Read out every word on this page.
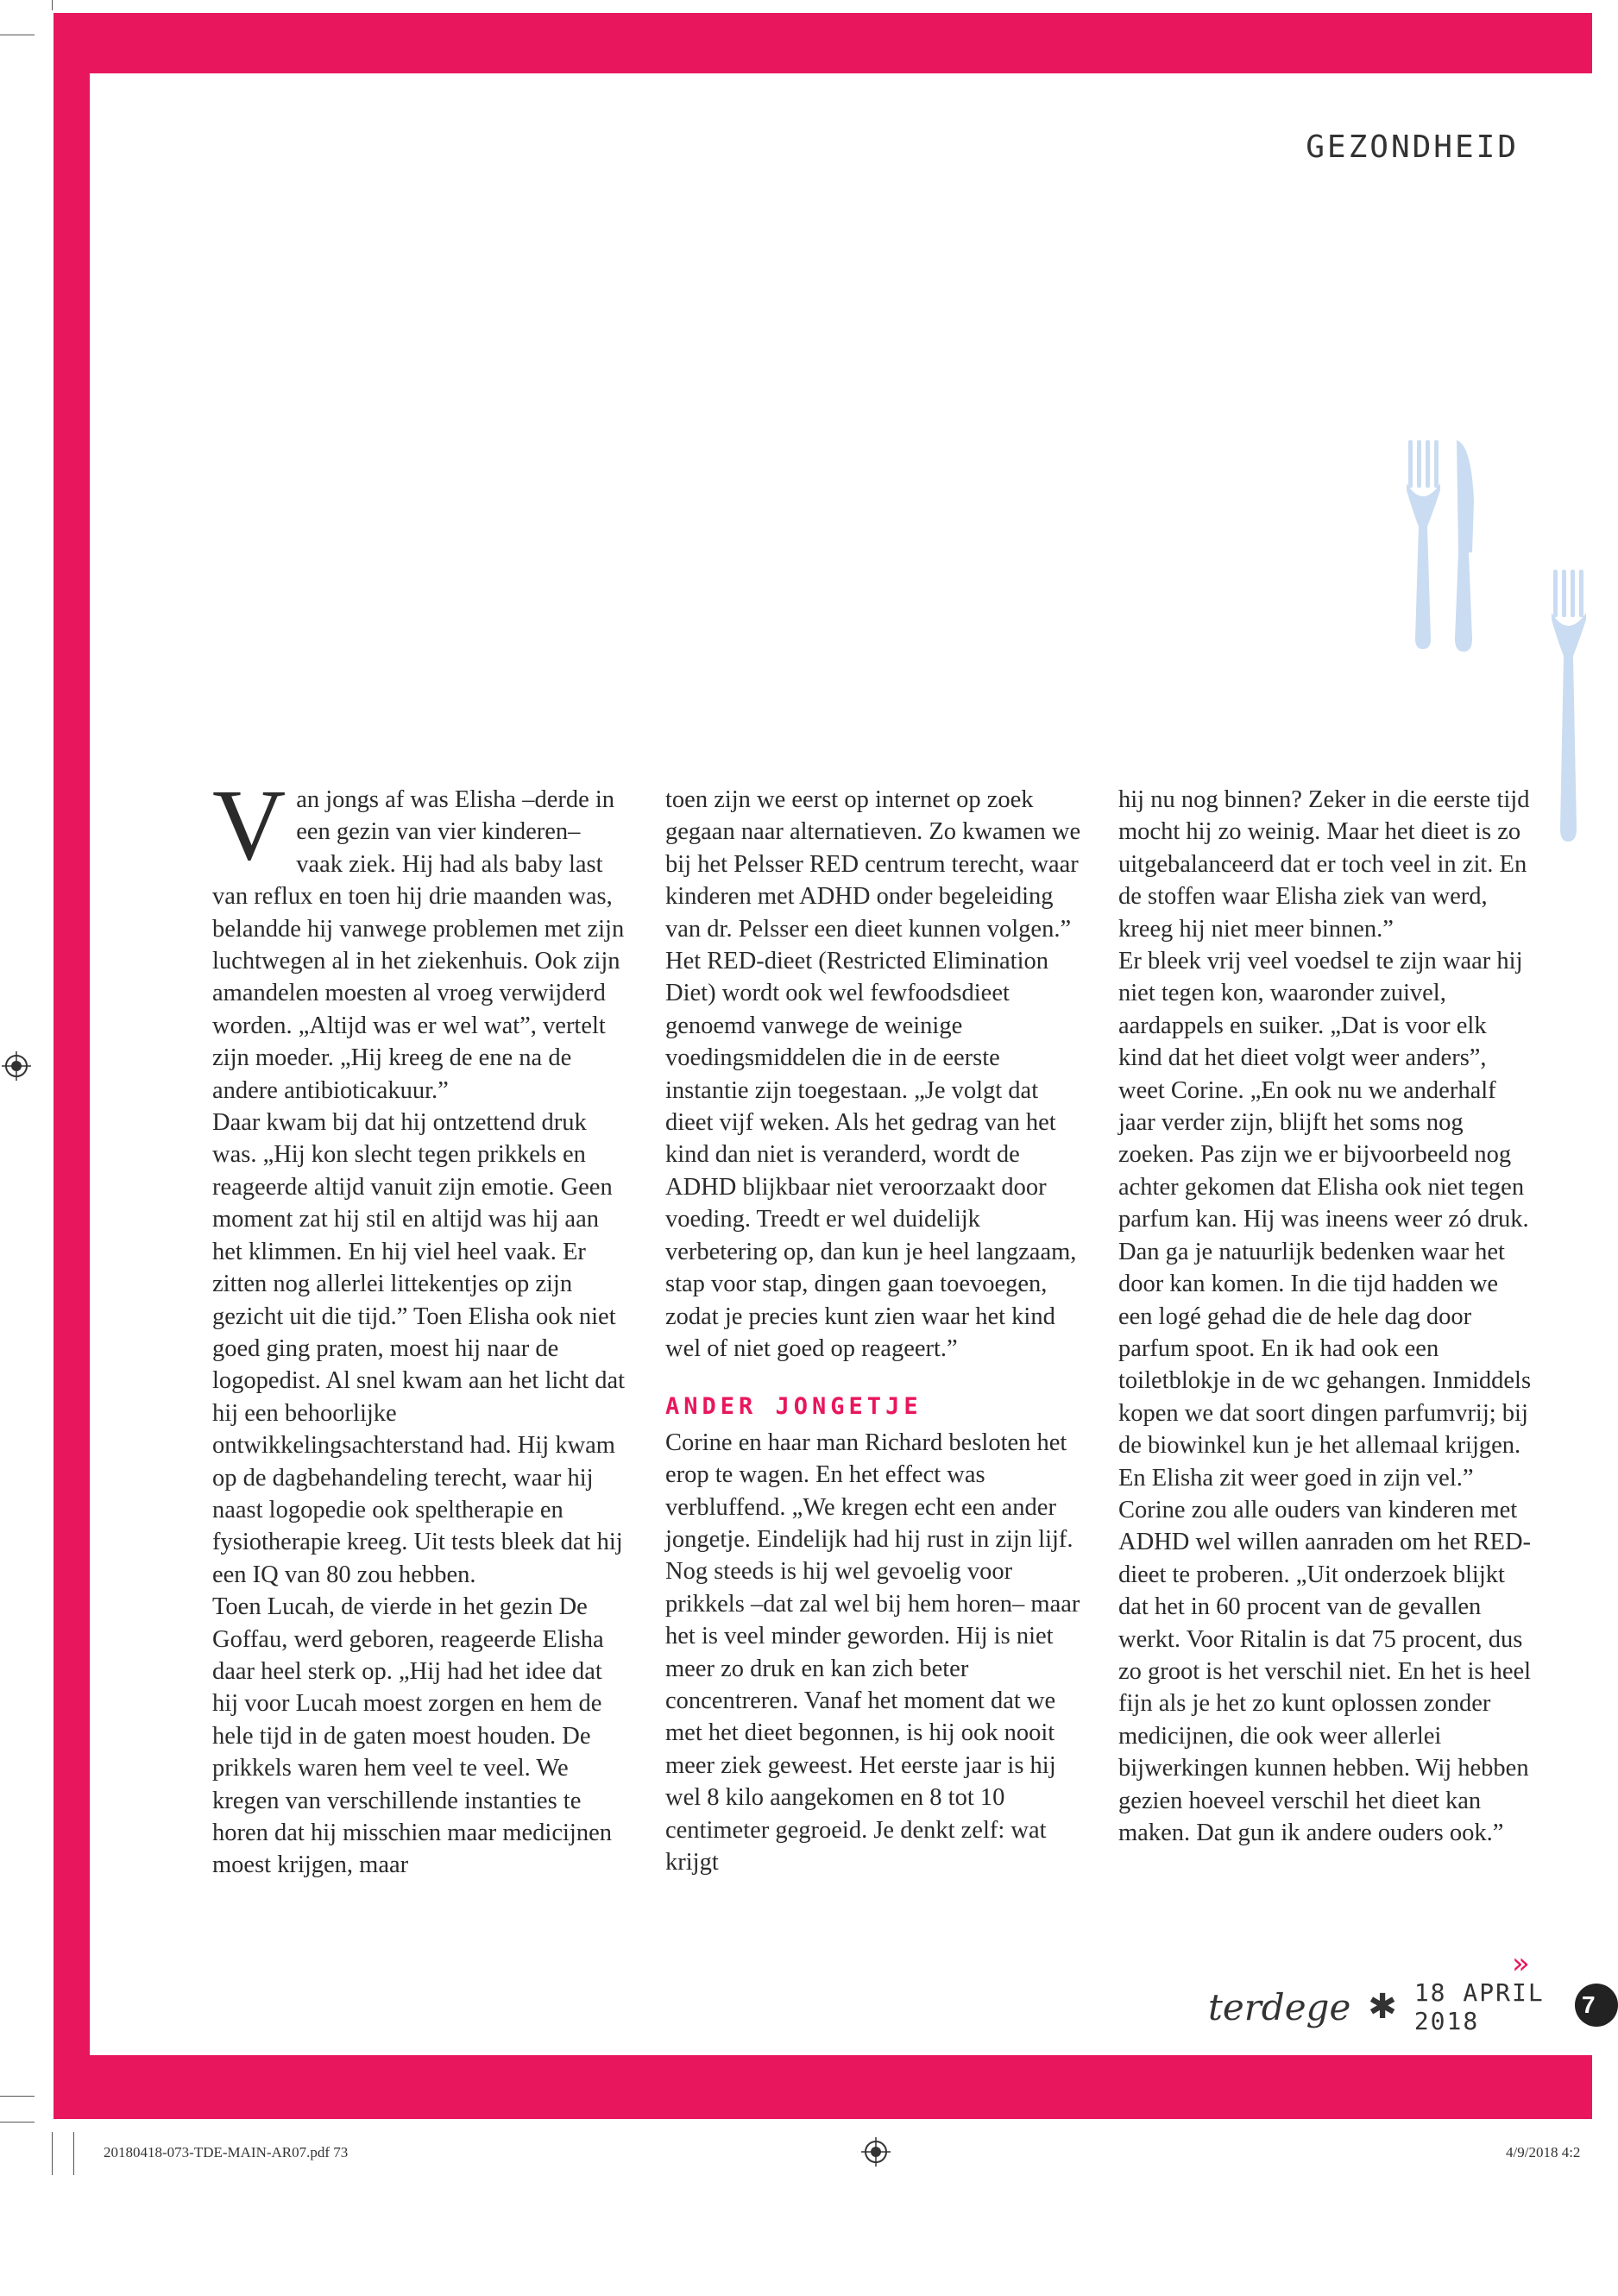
GEZONDHEID

Van jongs af was Elisha –derde in een gezin van vier kinderen– vaak ziek. Hij had als baby last van reflux en toen hij drie maanden was, belandde hij vanwege problemen met zijn luchtwegen al in het ziekenhuis. Ook zijn amandelen moesten al vroeg verwijderd worden. „Altijd was er wel wat”, vertelt zijn moeder. „Hij kreeg de ene na de andere antibioticakuur.”

Daar kwam bij dat hij ontzettend druk was. „Hij kon slecht tegen prikkels en reageerde altijd vanuit zijn emotie. Geen moment zat hij stil en altijd was hij aan het klimmen. En hij viel heel vaak. Er zitten nog allerlei littekentjes op zijn gezicht uit die tijd.” Toen Elisha ook niet goed ging praten, moest hij naar de logopedist. Al snel kwam aan het licht dat hij een behoorlijke ontwikkelingsachterstand had. Hij kwam op de dagbehandeling terecht, waar hij naast logopedie ook speltherapie en fysiotherapie kreeg. Uit tests bleek dat hij een IQ van 80 zou hebben.

Toen Lucah, de vierde in het gezin De Goffau, werd geboren, reageerde Elisha daar heel sterk op. „Hij had het idee dat hij voor Lucah moest zorgen en hem de hele tijd in de gaten moest houden. De prikkels waren hem veel te veel. We kregen van verschillende instanties te horen dat hij misschien maar medicijnen moest krijgen, maar

toen zijn we eerst op internet op zoek gegaan naar alternatieven. Zo kwamen we bij het Pelsser RED centrum terecht, waar kinderen met ADHD onder begeleiding van dr. Pelsser een dieet kunnen volgen.”

Het RED-dieet (Restricted Elimination Diet) wordt ook wel fewfoodsdieet genoemd vanwege de weinige voedingsmiddelen die in de eerste instantie zijn toegestaan. „Je volgt dat dieet vijf weken. Als het gedrag van het kind dan niet is veranderd, wordt de ADHD blijkbaar niet veroorzaakt door voeding. Treedt er wel duidelijk verbetering op, dan kun je heel langzaam, stap voor stap, dingen gaan toevoegen, zodat je precies kunt zien waar het kind wel of niet goed op reageert.”

ANDER JONGETJE

Corine en haar man Richard besloten het erop te wagen. En het effect was verbluffend. „We kregen echt een ander jongetje. Eindelijk had hij rust in zijn lijf. Nog steeds is hij wel gevoelig voor prikkels –dat zal wel bij hem horen– maar het is veel minder geworden. Hij is niet meer zo druk en kan zich beter concentreren. Vanaf het moment dat we met het dieet begonnen, is hij ook nooit meer ziek geweest. Het eerste jaar is hij wel 8 kilo aangekomen en 8 tot 10 centimeter gegroeid. Je denkt zelf: wat krijgt

hij nu nog binnen? Zeker in die eerste tijd mocht hij zo weinig. Maar het dieet is zo uitgebalanceerd dat er toch veel in zit. En de stoffen waar Elisha ziek van werd, kreeg hij niet meer binnen.”

Er bleek vrij veel voedsel te zijn waar hij niet tegen kon, waaronder zuivel, aardappels en suiker. „Dat is voor elk kind dat het dieet volgt weer anders”, weet Corine. „En ook nu we anderhalf jaar verder zijn, blijft het soms nog zoeken. Pas zijn we er bijvoorbeeld nog achter gekomen dat Elisha ook niet tegen parfum kan. Hij was ineens weer zó druk. Dan ga je natuurlijk bedenken waar het door kan komen. In die tijd hadden we een logé gehad die de hele dag door parfum spoot. En ik had ook een toiletblokje in de wc gehangen. Inmiddels kopen we dat soort dingen parfumvrij; bij de biowinkel kun je het allemaal krijgen. En Elisha zit weer goed in zijn vel.”

Corine zou alle ouders van kinderen met ADHD wel willen aanraden om het RED-dieet te proberen. „Uit onderzoek blijkt dat het in 60 procent van de gevallen werkt. Voor Ritalin is dat 75 procent, dus zo groot is het verschil niet. En het is heel fijn als je het zo kunt oplossen zonder medicijnen, die ook weer allerlei bijwerkingen kunnen hebben. Wij hebben gezien hoeveel verschil het dieet kan maken. Dat gun ik andere ouders ook.”

»
terdege ✱ 18 APRIL 2018
7
20180418-073-TDE-MAIN-AR07.pdf 73	4/9/2018 4:2
